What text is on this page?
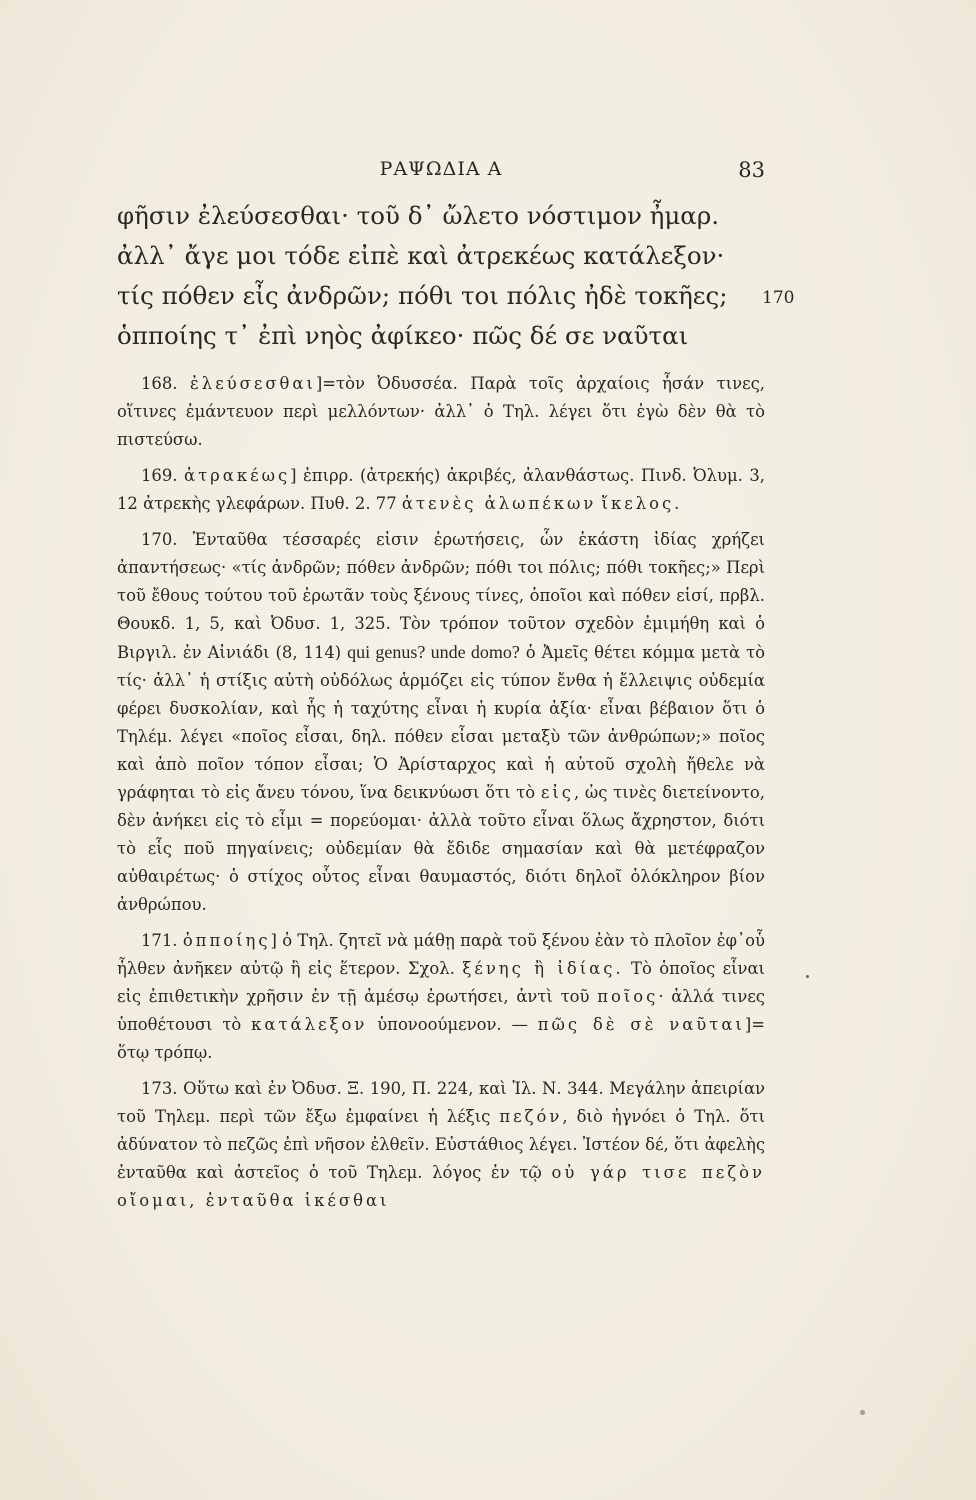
ΡΑΨΩΔΙΑ Α	83
φῆσιν ἐλεύσεσθαι· τοῦ δ᾽ ὤλετο νόστιμον ἦμαρ.
ἀλλ᾽ ἄγε μοι τόδε εἰπὲ καὶ ἀτρεκέως κατάλεξον·
τίς πόθεν εἶς ἀνδρῶν; πόθι τοι πόλις ἠδὲ τοκῆες;
ὁπποίης τ᾽ ἐπὶ νηὸς ἀφίκεο· πῶς δέ σε ναῦται
170

168. ἐλεύσεσθαι]=τὸν Ὀδυσσέα. Παρὰ τοῖς ἀρχαίοις ἦσάν τινες, οἵτινες ἐμάντευον περὶ μελλόντων· ἀλλ᾽ ὁ Τηλ. λέγει ὅτι ἐγὼ δὲν θὰ τὸ πιστεύσω.

169. ἀτρακέως] ἐπιρρ. (ἀτρεκής) ἀκριβές, ἀλανθάστως. Πινδ. Ὀλυμ. 3, 12 ἀτρεκὴς γλεφάρων. Πυθ. 2. 77 ἀτενὲς ἀλωπέκων ἴκελος.

170. Ἐνταῦθα τέσσαρές εἰσιν ἐρωτήσεις, ὧν ἑκάστη ἰδίας χρήζει ἀπαντήσεως· «τίς ἀνδρῶν; πόθεν ἀνδρῶν; πόθι τοι πόλις; πόθι τοκῆες;» Περὶ τοῦ ἔθους τούτου τοῦ ἐρωτᾶν τοὺς ξένους τίνες, ὁποῖοι καὶ πόθεν εἰσί, πρβλ. Θουκδ. 1, 5, καὶ Ὀδυσ. 1, 325. Τὸν τρόπον τοῦτον σχεδὸν ἐμιμήθη καὶ ὁ Βιργιλ. ἐν Αἰνιάδι (8, 114) qui genus? unde domo? ὁ Ἀμεῖς θέτει κόμμα μετὰ τὸ τίς· ἀλλ᾽ ἡ στίξις αὐτὴ οὐδόλως ἁρμόζει εἰς τύπον ἔνθα ἡ ἔλλειψις οὐδεμία φέρει δυσκολίαν, καὶ ἧς ἡ ταχύτης εἶναι ἡ κυρία ἀξία· εἶναι βέβαιον ὅτι ὁ Τηλέμ. λέγει «ποῖος εἶσαι, δηλ. πόθεν εἶσαι μεταξὺ τῶν ἀνθρώπων;» ποῖος καὶ ἀπὸ ποῖον τόπον εἶσαι; Ὁ Ἀρίσταρχος καὶ ἡ αὐτοῦ σχολὴ ἤθελε νὰ γράφηται τὸ εἰς ἄνευ τόνου, ἵνα δεικνύωσι ὅτι τὸ εἰς, ὡς τινὲς διετείνοντο, δὲν ἀνήκει εἰς τὸ εἶμι = πορεύομαι· ἀλλὰ τοῦτο εἶναι ὅλως ἄχρηστον, διότι τὸ εἷς ποῦ πηγαίνεις; οὐδεμίαν θὰ ἔδιδε σημασίαν καὶ θὰ μετέφραζον αὐθαιρέτως· ὁ στίχος οὗτος εἶναι θαυμαστός, διότι δηλοῖ ὁλόκληρον βίον ἀνθρώπου.

171. ὁπποίης] ὁ Τηλ. ζητεῖ νὰ μάθῃ παρὰ τοῦ ξένου ἐὰν τὸ πλοῖον ἐφ᾽οὗ ἦλθεν ἀνῆκεν αὐτῷ ἢ εἰς ἕτερον. Σχολ. ξένης ἢ ἰδίας. Τὸ ὁποῖος εἶναι εἰς ἐπιθετικὴν χρῆσιν ἐν τῇ ἀμέσῳ ἐρωτήσει, ἀντὶ τοῦ ποῖος· ἀλλά τινες ὑποθέτουσι τὸ κατάλεξον ὑπονοούμενον. — πῶς δὲ σὲ ναῦται]= ὅτῳ τρόπῳ.

173. Οὕτω καὶ ἐν Ὀδυσ. Ξ. 190, Π. 224, καὶ Ἰλ. Ν. 344. Μεγάλην ἀπειρίαν τοῦ Τηλεμ. περὶ τῶν ἔξω ἐμφαίνει ἡ λέξις πεζόν, διὸ ἠγνόει ὁ Τηλ. ὅτι ἀδύνατον τὸ πεζῶς ἐπὶ νῆσον ἐλθεῖν. Εὐστάθιος λέγει. Ἰστέον δέ, ὅτι ἀφελὴς ἐνταῦθα καὶ ἀστεῖος ὁ τοῦ Τηλεμ. λόγος ἐν τῷ οὐ γάρ τισε πεζὸν οἴομαι, ἐνταῦθα ἱκέσθαι
